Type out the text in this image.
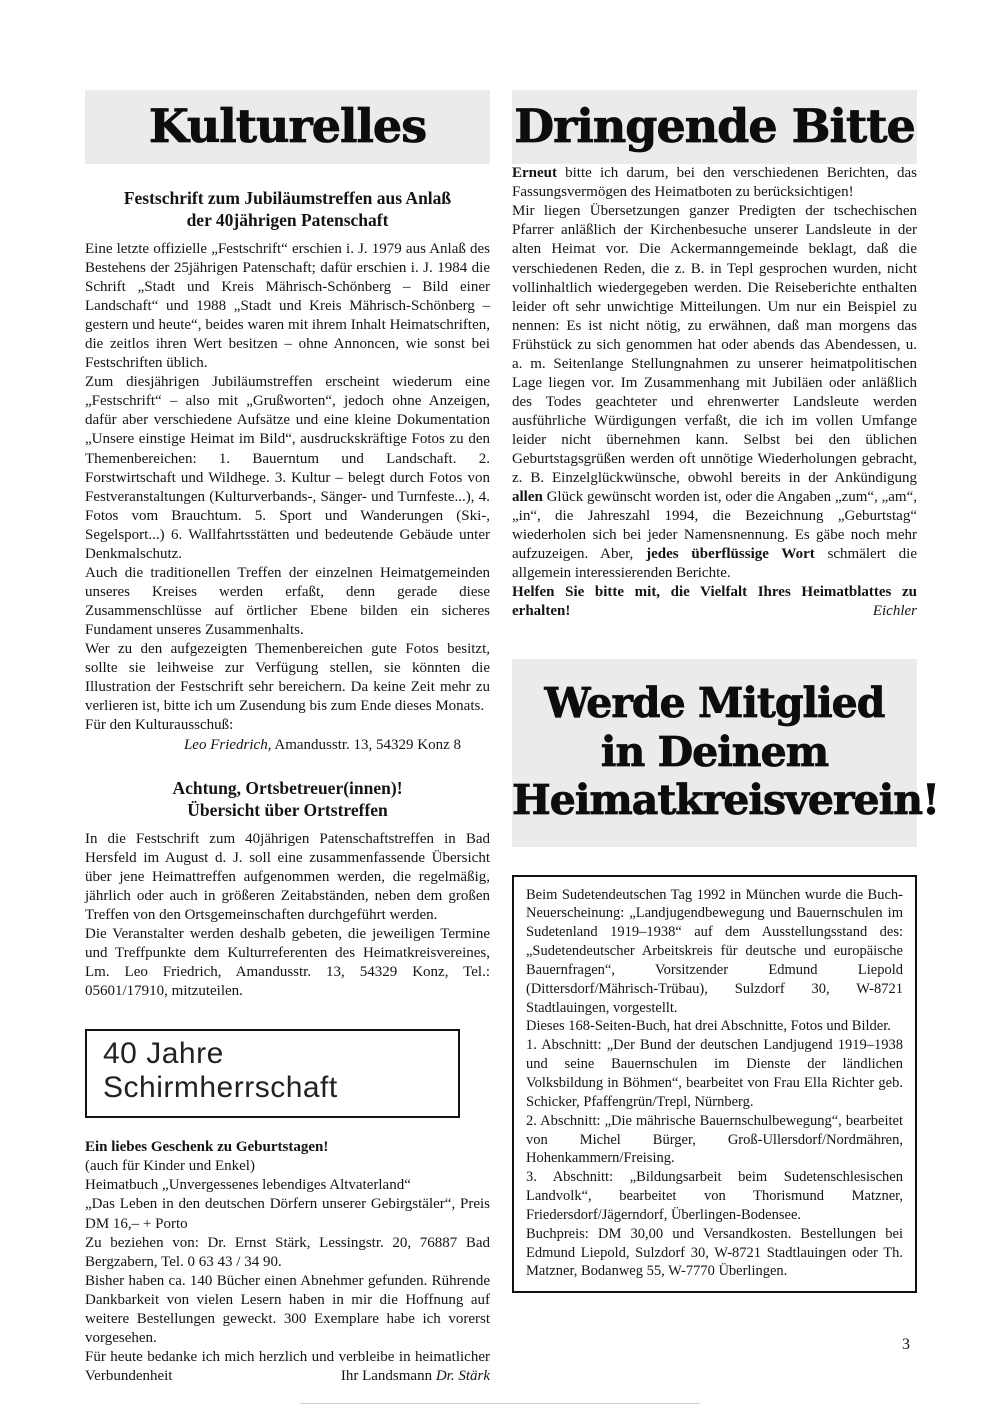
Kulturelles
Festschrift zum Jubiläumstreffen aus Anlaß
der 40jährigen Patenschaft

Eine letzte offizielle „Festschrift“ erschien i. J. 1979 aus Anlaß des Bestehens der 25jährigen Patenschaft; dafür erschien i. J. 1984 die Schrift „Stadt und Kreis Mährisch-Schönberg – Bild einer Landschaft“ und 1988 „Stadt und Kreis Mährisch-Schönberg – gestern und heute“, beides waren mit ihrem Inhalt Heimatschriften, die zeitlos ihren Wert besitzen – ohne Annoncen, wie sonst bei Festschriften üblich.

Zum diesjährigen Jubiläumstreffen erscheint wiederum eine „Festschrift“ – also mit „Grußworten“, jedoch ohne Anzeigen, dafür aber verschiedene Aufsätze und eine kleine Dokumentation „Unsere einstige Heimat im Bild“, ausdruckskräftige Fotos zu den Themenbereichen: 1. Bauerntum und Landschaft. 2. Forstwirtschaft und Wildhege. 3. Kultur – belegt durch Fotos von Festveranstaltungen (Kulturverbands-, Sänger- und Turnfeste...), 4. Fotos vom Brauchtum. 5. Sport und Wanderungen (Ski-, Segelsport...) 6. Wallfahrtsstätten und bedeutende Gebäude unter Denkmalschutz.

Auch die traditionellen Treffen der einzelnen Heimatgemeinden unseres Kreises werden erfaßt, denn gerade diese Zusammenschlüsse auf örtlicher Ebene bilden ein sicheres Fundament unseres Zusammenhalts.

Wer zu den aufgezeigten Themenbereichen gute Fotos besitzt, sollte sie leihweise zur Verfügung stellen, sie könnten die Illustration der Festschrift sehr bereichern. Da keine Zeit mehr zu verlieren ist, bitte ich um Zusendung bis zum Ende dieses Monats.

Für den Kulturausschuß:

Leo Friedrich, Amandusstr. 13, 54329 Konz 8

Achtung, Ortsbetreuer(innen)!
Übersicht über Ortstreffen

In die Festschrift zum 40jährigen Patenschaftstreffen in Bad Hersfeld im August d. J. soll eine zusammenfassende Übersicht über jene Heimattreffen aufgenommen werden, die regelmäßig, jährlich oder auch in größeren Zeitabständen, neben dem großen Treffen von den Ortsgemeinschaften durchgeführt werden.

Die Veranstalter werden deshalb gebeten, die jeweiligen Termine und Treffpunkte dem Kulturreferenten des Heimatkreisvereines, Lm. Leo Friedrich, Amandusstr. 13, 54329 Konz, Tel.: 05601/17910, mitzuteilen.

40 Jahre Schirmherrschaft

Ein liebes Geschenk zu Geburtstagen!

(auch für Kinder und Enkel)

Heimatbuch „Unvergessenes lebendiges Altvaterland“

„Das Leben in den deutschen Dörfern unserer Gebirgstäler“, Preis DM 16,– + Porto

Zu beziehen von: Dr. Ernst Stärk, Lessingstr. 20, 76887 Bad Bergzabern, Tel. 0 63 43 / 34 90.

Bisher haben ca. 140 Bücher einen Abnehmer gefunden. Rührende Dankbarkeit von vielen Lesern haben in mir die Hoffnung auf weitere Bestellungen geweckt. 300 Exemplare habe ich vorerst vorgesehen.

Für heute bedanke ich mich herzlich und verbleibe in heimatlicher Verbundenheit	Ihr Landsmann Dr. Stärk

Dringende Bitte

Erneut bitte ich darum, bei den verschiedenen Berichten, das Fassungsvermögen des Heimatboten zu berücksichtigen!

Mir liegen Übersetzungen ganzer Predigten der tschechischen Pfarrer anläßlich der Kirchenbesuche unserer Landsleute in der alten Heimat vor. Die Ackermanngemeinde beklagt, daß die verschiedenen Reden, die z. B. in Tepl gesprochen wurden, nicht vollinhaltlich wiedergegeben werden. Die Reiseberichte enthalten leider oft sehr unwichtige Mitteilungen. Um nur ein Beispiel zu nennen: Es ist nicht nötig, zu erwähnen, daß man morgens das Frühstück zu sich genommen hat oder abends das Abendessen, u. a. m. Seitenlange Stellungnahmen zu unserer heimatpolitischen Lage liegen vor. Im Zusammenhang mit Jubiläen oder anläßlich des Todes geachteter und ehrenwerter Landsleute werden ausführliche Würdigungen verfaßt, die ich im vollen Umfange leider nicht übernehmen kann. Selbst bei den üblichen Geburtstagsgrüßen werden oft unnötige Wiederholungen gebracht, z. B. Einzelglückwünsche, obwohl bereits in der Ankündigung allen Glück gewünscht worden ist, oder die Angaben „zum“, „am“, „in“, die Jahreszahl 1994, die Bezeichnung „Geburtstag“ wiederholen sich bei jeder Namensnennung. Es gäbe noch mehr aufzuzeigen. Aber, jedes überflüssige Wort schmälert die allgemein interessierenden Berichte.

Helfen Sie bitte mit, die Vielfalt Ihres Heimatblattes zu erhalten!	Eichler

Werde Mitglied
in Deinem
Heimatkreisverein!

Beim Sudetendeutschen Tag 1992 in München wurde die Buch-Neuerscheinung: „Landjugendbewegung und Bauernschulen im Sudetenland 1919–1938“ auf dem Ausstellungsstand des: „Sudetendeutscher Arbeitskreis für deutsche und europäische Bauernfragen“, Vorsitzender Edmund Liepold (Dittersdorf/Mährisch-Trübau), Sulzdorf 30, W-8721 Stadtlauingen, vorgestellt.

Dieses 168-Seiten-Buch, hat drei Abschnitte, Fotos und Bilder.

1. Abschnitt: „Der Bund der deutschen Landjugend 1919–1938 und seine Bauernschulen im Dienste der ländlichen Volksbildung in Böhmen“, bearbeitet von Frau Ella Richter geb. Schicker, Pfaffengrün/Trepl, Nürnberg.

2. Abschnitt: „Die mährische Bauernschulbewegung“, bearbeitet von Michel Bürger, Groß-Ullersdorf/Nordmähren, Hohenkammern/Freising.

3. Abschnitt: „Bildungsarbeit beim Sudetenschlesischen Landvolk“, bearbeitet von Thorismund Matzner, Friedersdorf/Jägerndorf, Überlingen-Bodensee.

Buchpreis: DM 30,00 und Versandkosten. Bestellungen bei Edmund Liepold, Sulzdorf 30, W-8721 Stadtlauingen oder Th. Matzner, Bodanweg 55, W-7770 Überlingen.

3
